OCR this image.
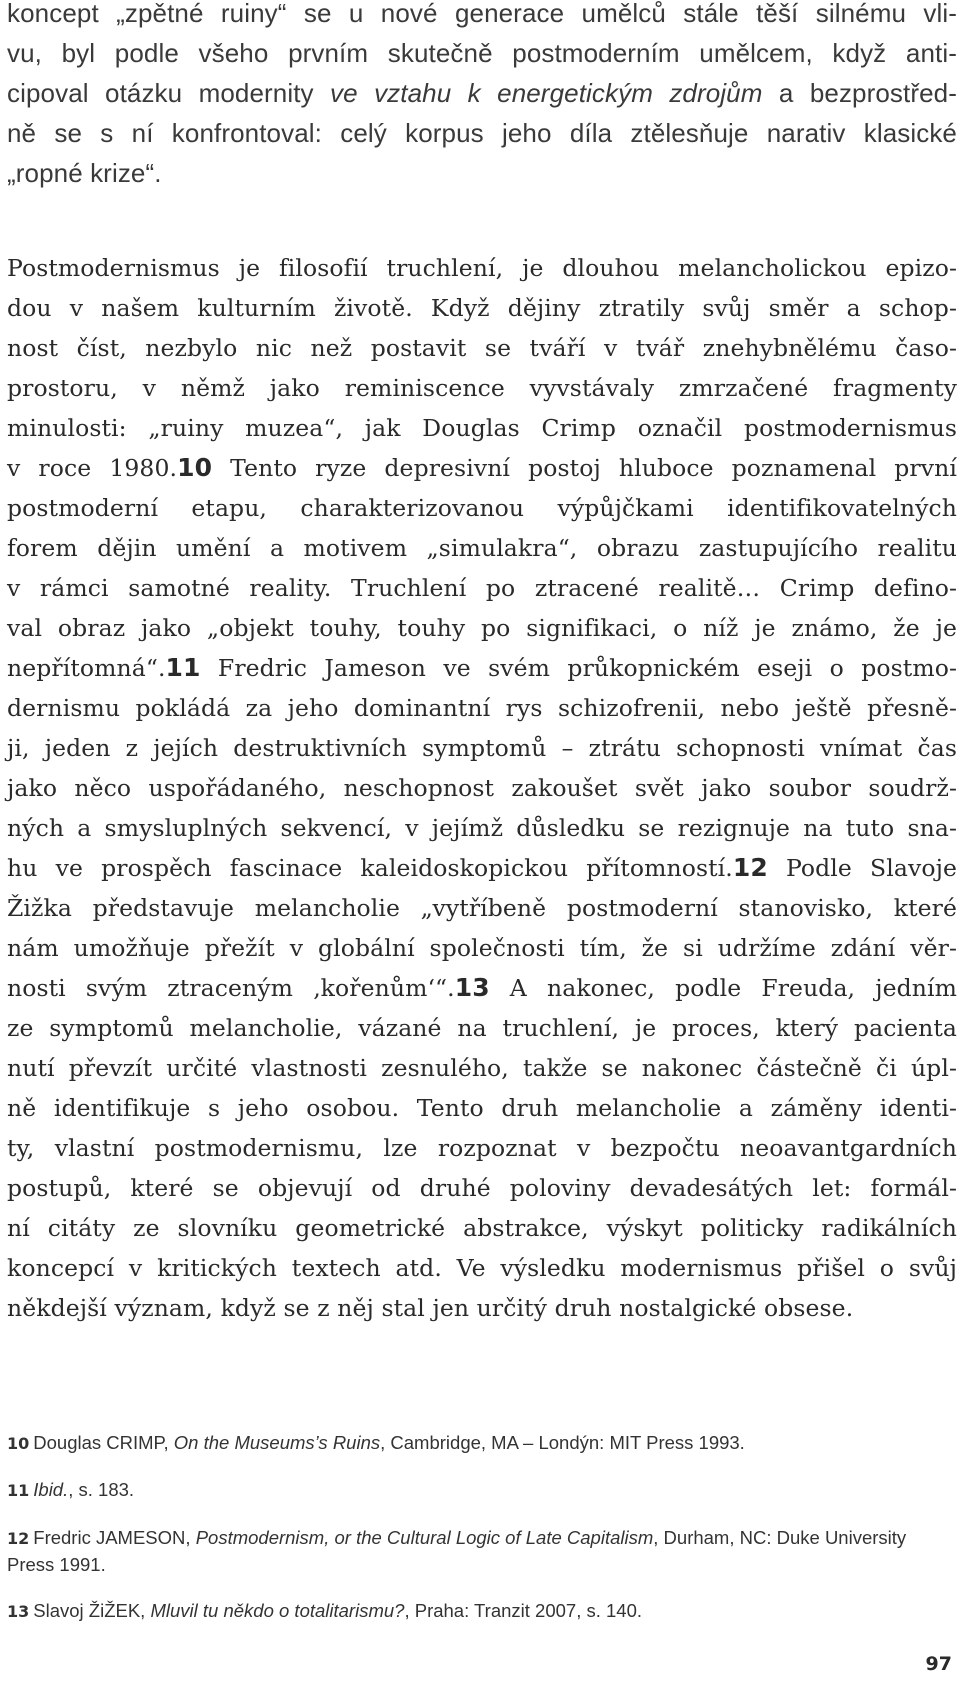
koncept „zpětné ruiny“ se u nové generace umělců stále těší silnému vli-
vu, byl podle všeho prvním skutečně postmoderním umělcem, když anti-
cipoval otázku modernity ve vztahu k energetickým zdrojům a bezprostřed-
ně se s ní konfrontoval: celý korpus jeho díla ztělesňuje narativ klasické
„ropné krize“.

Postmodernismus je filosofií truchlení, je dlouhou melancholickou epizo-
dou v našem kulturním životě. Když dějiny ztratily svůj směr a schop-
nost číst, nezbylo nic než postavit se tváří v tvář znehybnělému časo-
prostoru, v němž jako reminiscence vyvstávaly zmrzačené fragmenty
minulosti: „ruiny muzea“, jak Douglas Crimp označil postmodernismus
v roce 1980.10 Tento ryze depresivní postoj hluboce poznamenal první
postmoderní etapu, charakterizovanou výpůjčkami identifikovatelných
forem dějin umění a motivem „simulakra“, obrazu zastupujícího realitu
v rámci samotné reality. Truchlení po ztracené realitě… Crimp defino-
val obraz jako „objekt touhy, touhy po signifikaci, o níž je známo, že je
nepřítomná“.11 Fredric Jameson ve svém průkopnickém eseji o postmo-
dernismu pokládá za jeho dominantní rys schizofrenii, nebo ještě přesně-
ji, jeden z jejích destruktivních symptomů – ztrátu schopnosti vnímat čas
jako něco uspořádaného, neschopnost zakoušet svět jako soubor soudrž-
ných a smysluplných sekvencí, v jejímž důsledku se rezignuje na tuto sna-
hu ve prospěch fascinace kaleidoskopickou přítomností.12 Podle Slavoje
Žižka představuje melancholie „vytříbeně postmoderní stanovisko, které
nám umožňuje přežít v globální společnosti tím, že si udržíme zdání věr-
nosti svým ztraceným ‚kořenům‘“.13 A nakonec, podle Freuda, jedním
ze symptomů melancholie, vázané na truchlení, je proces, který pacienta
nutí převzít určité vlastnosti zesnulého, takže se nakonec částečně či úpl-
ně identifikuje s jeho osobou. Tento druh melancholie a záměny identi-
ty, vlastní postmodernismu, lze rozpoznat v bezpočtu neoavantgardních
postupů, které se objevují od druhé poloviny devadesátých let: formál-
ní citáty ze slovníku geometrické abstrakce, výskyt politicky radikálních
koncepcí v kritických textech atd. Ve výsledku modernismus přišel o svůj
někdejší význam, když se z něj stal jen určitý druh nostalgické obsese.

10 Douglas CRIMP, On the Museums’s Ruins, Cambridge, MA – Londýn: MIT Press 1993.

11 Ibid., s. 183.

12 Fredric JAMESON, Postmodernism, or the Cultural Logic of Late Capitalism, Durham, NC: Duke University Press 1991.

13 Slavoj ŽiŽEK, Mluvil tu někdo o totalitarismu?, Praha: Tranzit 2007, s. 140.

97
